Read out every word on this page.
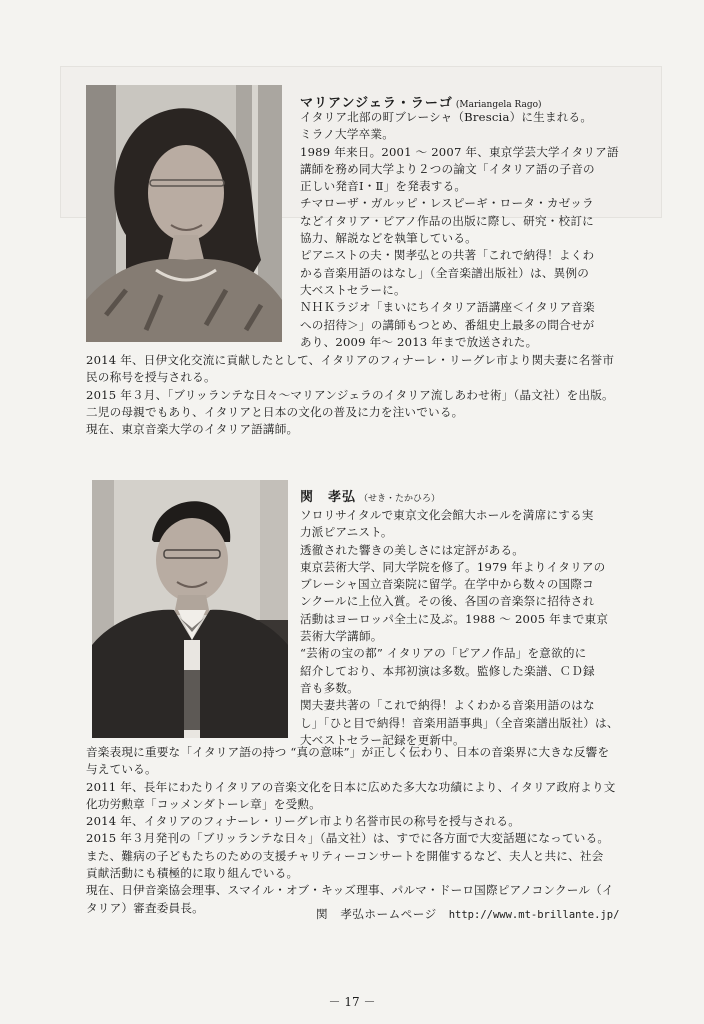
マリアンジェラ・ラーゴ (Mariangela Rago)
イタリア北部の町ブレーシャ（Brescia）に生まれる。
ミラノ大学卒業。
1989 年来日。2001 ～ 2007 年、東京学芸大学イタリア語
講師を務め同大学より２つの論文「イタリア語の子音の
正しい発音Ⅰ・Ⅱ」を発表する。
チマローザ・ガルッピ・レスピーギ・ロータ・カゼッラ
などイタリア・ピアノ作品の出版に際し、研究・校訂に
協力、解説などを執筆している。
ピアニストの夫・関孝弘との共著「これで納得！よくわ
かる音楽用語のはなし」（全音楽譜出版社）は、異例の
大ベストセラーに。
ＮＨＫラジオ「まいにちイタリア語講座＜イタリア音楽
への招待＞」の講師もつとめ、番組史上最多の問合せが
あり、2009 年～ 2013 年まで放送された。
2014 年、日伊文化交流に貢献したとして、イタリアのフィナーレ・リーグレ市より関夫妻に名誉市
民の称号を授与される。
2015 年３月、「ブリッランテな日々～マリアンジェラのイタリア流しあわせ術」（晶文社）を出版。
二児の母親でもあり、イタリアと日本の文化の普及に力を注いでいる。
現在、東京音楽大学のイタリア語講師。
関　孝弘 （せき・たかひろ）
ソロリサイタルで東京文化会館大ホールを満席にする実
力派ピアニスト。
透徹された響きの美しさには定評がある。
東京芸術大学、同大学院を修了。1979 年よりイタリアの
ブレーシャ国立音楽院に留学。在学中から数々の国際コ
ンクールに上位入賞。その後、各国の音楽祭に招待され
活動はヨーロッパ全土に及ぶ。1988 ～ 2005 年まで東京
芸術大学講師。
“芸術の宝の都” イタリアの「ピアノ作品」を意欲的に
紹介しており、本邦初演は多数。監修した楽譜、ＣＤ録
音も多数。
関夫妻共著の「これで納得！よくわかる音楽用語のはな
し」「ひと目で納得！音楽用語事典」（全音楽譜出版社）は、
大ベストセラー記録を更新中。
音楽表現に重要な「イタリア語の持つ “真の意味”」が正しく伝わり、日本の音楽界に大きな反響を
与えている。
2011 年、長年にわたりイタリアの音楽文化を日本に広めた多大な功績により、イタリア政府より文
化功労勲章「コッメンダトーレ章」を受勲。
2014 年、イタリアのフィナーレ・リーグレ市より名誉市民の称号を授与される。
2015 年３月発刊の「ブリッランテな日々」（晶文社）は、すでに各方面で大変話題になっている。
また、難病の子どもたちのための支援チャリティーコンサートを開催するなど、夫人と共に、社会
貢献活動にも積極的に取り組んでいる。
現在、日伊音楽協会理事、スマイル・オブ・キッズ理事、パルマ・ドーロ国際ピアノコンクール（イ
タリア）審査委員長。	関　孝弘ホームページ http://www.mt-brillante.jp/
－ 17 －
